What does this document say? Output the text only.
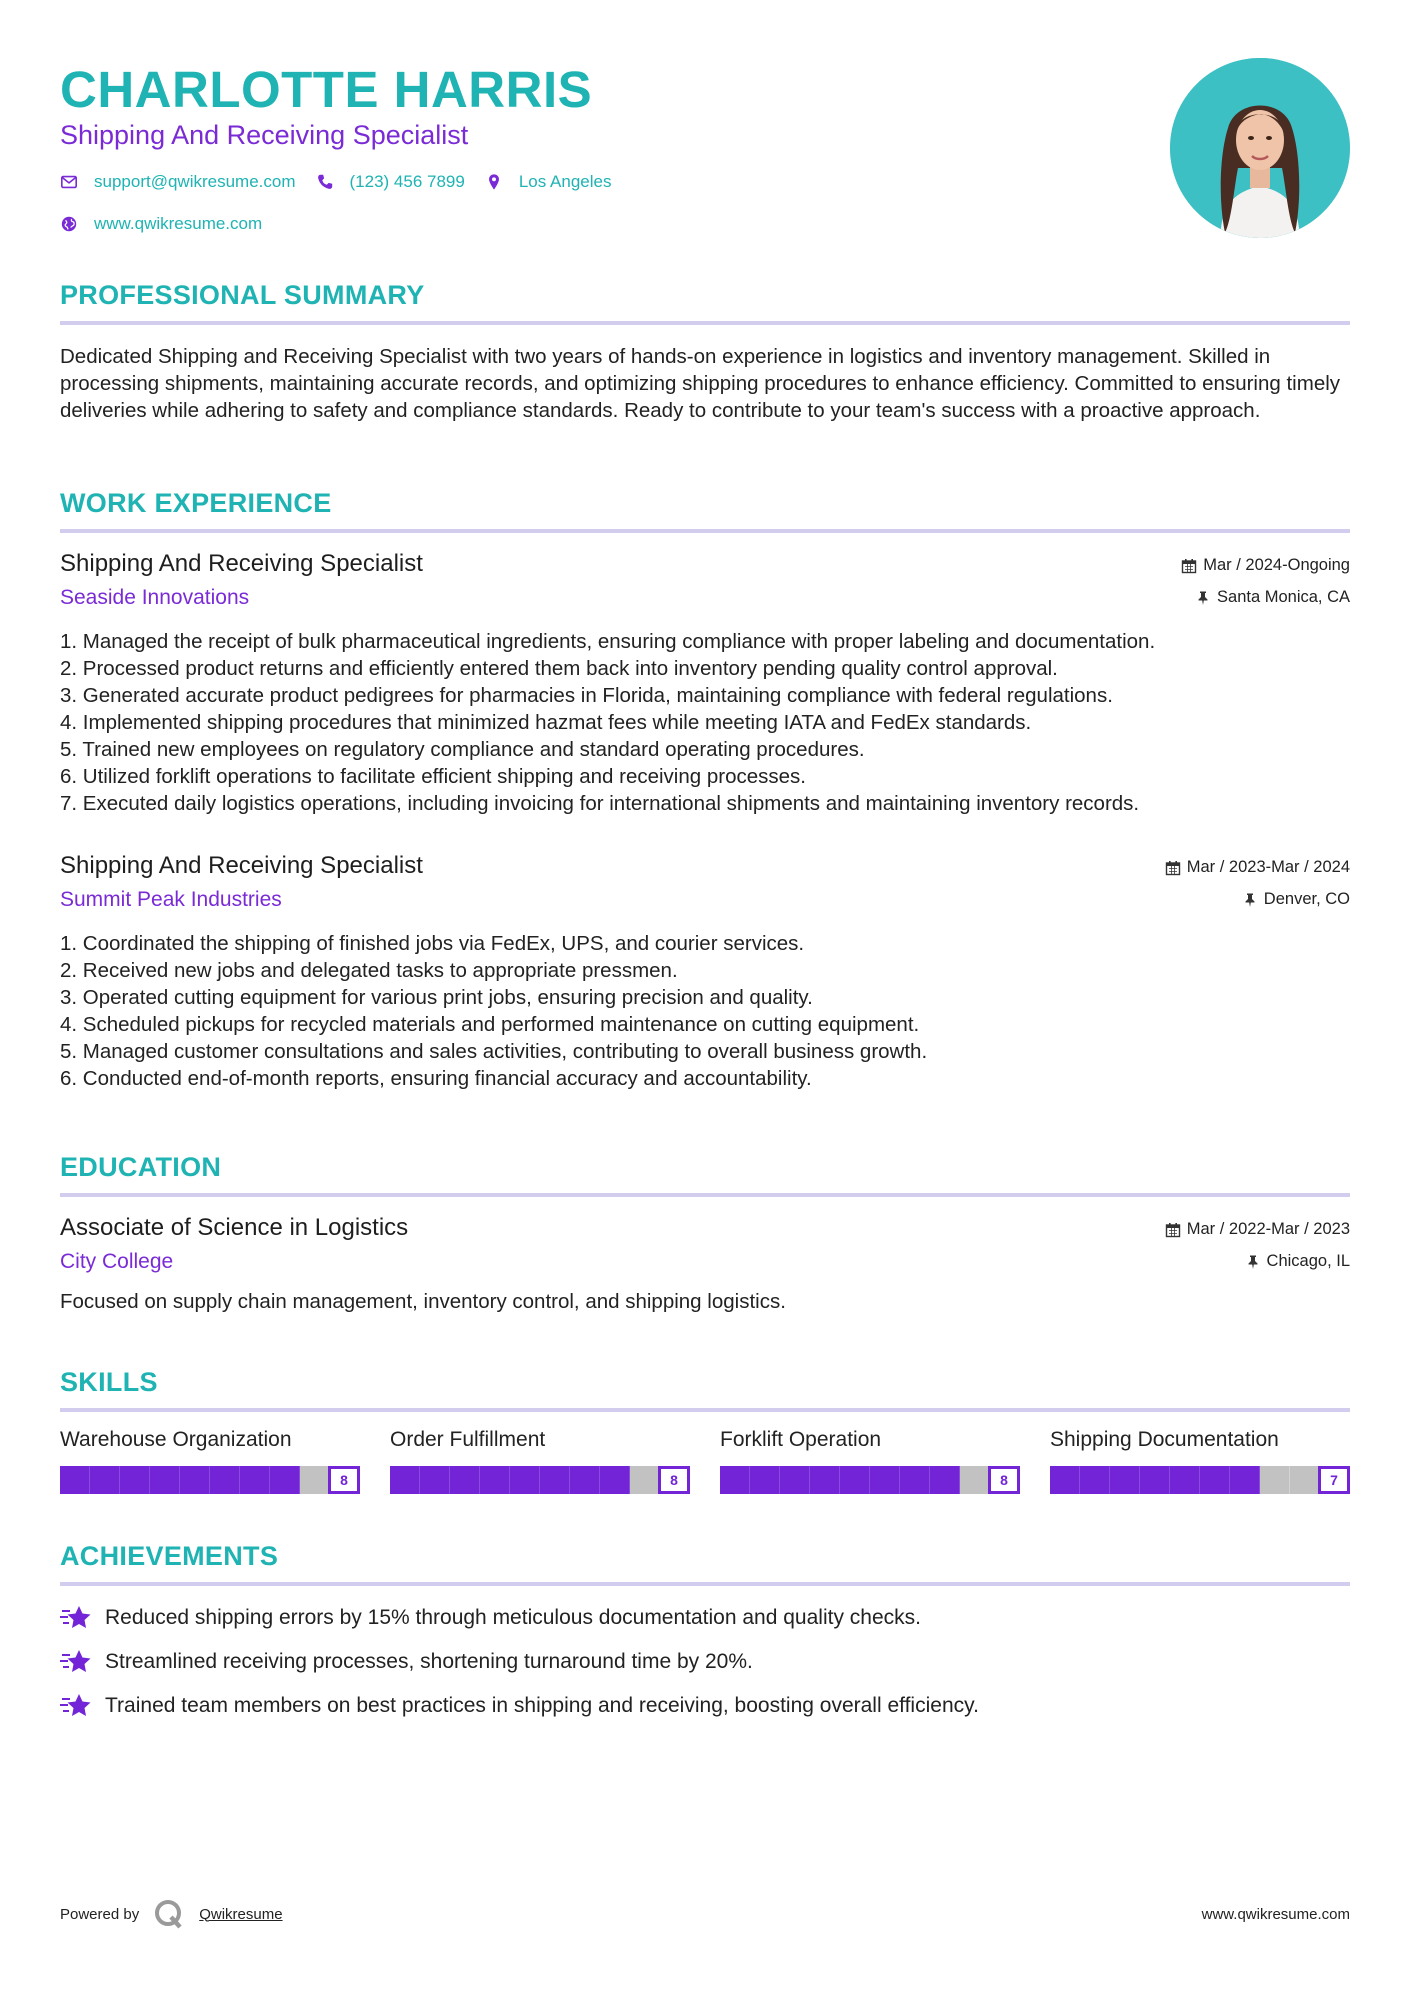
CHARLOTTE HARRIS
Shipping And Receiving Specialist
support@qwikresume.com	(123) 456 7899	Los Angeles
www.qwikresume.com
PROFESSIONAL SUMMARY
Dedicated Shipping and Receiving Specialist with two years of hands-on experience in logistics and inventory management. Skilled in processing shipments, maintaining accurate records, and optimizing shipping procedures to enhance efficiency. Committed to ensuring timely deliveries while adhering to safety and compliance standards. Ready to contribute to your team's success with a proactive approach.
WORK EXPERIENCE
Shipping And Receiving Specialist
Seaside Innovations
Mar / 2024-Ongoing
Santa Monica, CA
1. Managed the receipt of bulk pharmaceutical ingredients, ensuring compliance with proper labeling and documentation.
2. Processed product returns and efficiently entered them back into inventory pending quality control approval.
3. Generated accurate product pedigrees for pharmacies in Florida, maintaining compliance with federal regulations.
4. Implemented shipping procedures that minimized hazmat fees while meeting IATA and FedEx standards.
5. Trained new employees on regulatory compliance and standard operating procedures.
6. Utilized forklift operations to facilitate efficient shipping and receiving processes.
7. Executed daily logistics operations, including invoicing for international shipments and maintaining inventory records.
Shipping And Receiving Specialist
Summit Peak Industries
Mar / 2023-Mar / 2024
Denver, CO
1. Coordinated the shipping of finished jobs via FedEx, UPS, and courier services.
2. Received new jobs and delegated tasks to appropriate pressmen.
3. Operated cutting equipment for various print jobs, ensuring precision and quality.
4. Scheduled pickups for recycled materials and performed maintenance on cutting equipment.
5. Managed customer consultations and sales activities, contributing to overall business growth.
6. Conducted end-of-month reports, ensuring financial accuracy and accountability.
EDUCATION
Associate of Science in Logistics
City College
Mar / 2022-Mar / 2023
Chicago, IL
Focused on supply chain management, inventory control, and shipping logistics.
SKILLS
Warehouse Organization
8
Order Fulfillment
8
Forklift Operation
8
Shipping Documentation
7
ACHIEVEMENTS
Reduced shipping errors by 15% through meticulous documentation and quality checks.
Streamlined receiving processes, shortening turnaround time by 20%.
Trained team members on best practices in shipping and receiving, boosting overall efficiency.
Powered by	Qwikresume	www.qwikresume.com
